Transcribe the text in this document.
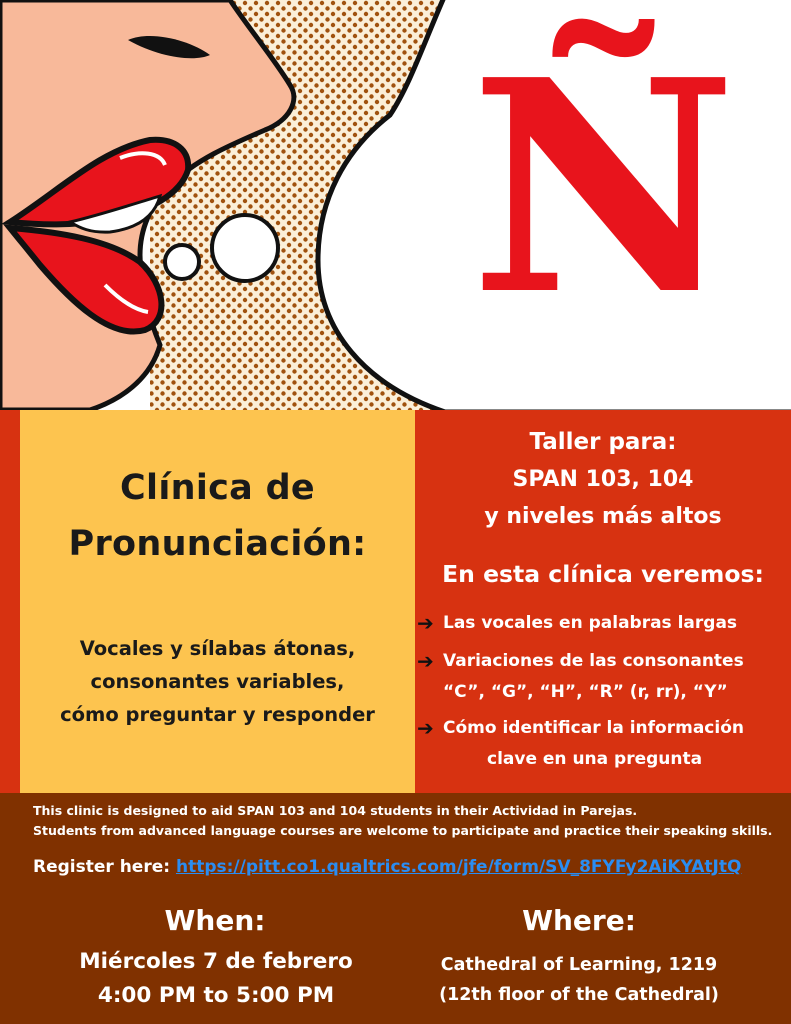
Ñ
Clínica de
Pronunciación:
Vocales y sílabas átonas,
consonantes variables,
cómo preguntar y responder
Taller para:
SPAN 103, 104
y niveles más altos
En esta clínica veremos:
➔ Las vocales en palabras largas
➔ Variaciones de las consonantes
“C”, “G”, “H”, “R” (r, rr), “Y”
➔ Cómo identificar la información
clave en una pregunta
This clinic is designed to aid SPAN 103 and 104 students in their Actividad in Parejas.
Students from advanced language courses are welcome to participate and practice their speaking skills.
Register here: https://pitt.co1.qualtrics.com/jfe/form/SV_8FYFy2AiKYAtJtQ
When:
Miércoles 7 de febrero
4:00 PM to 5:00 PM
Where:
Cathedral of Learning, 1219
(12th floor of the Cathedral)
